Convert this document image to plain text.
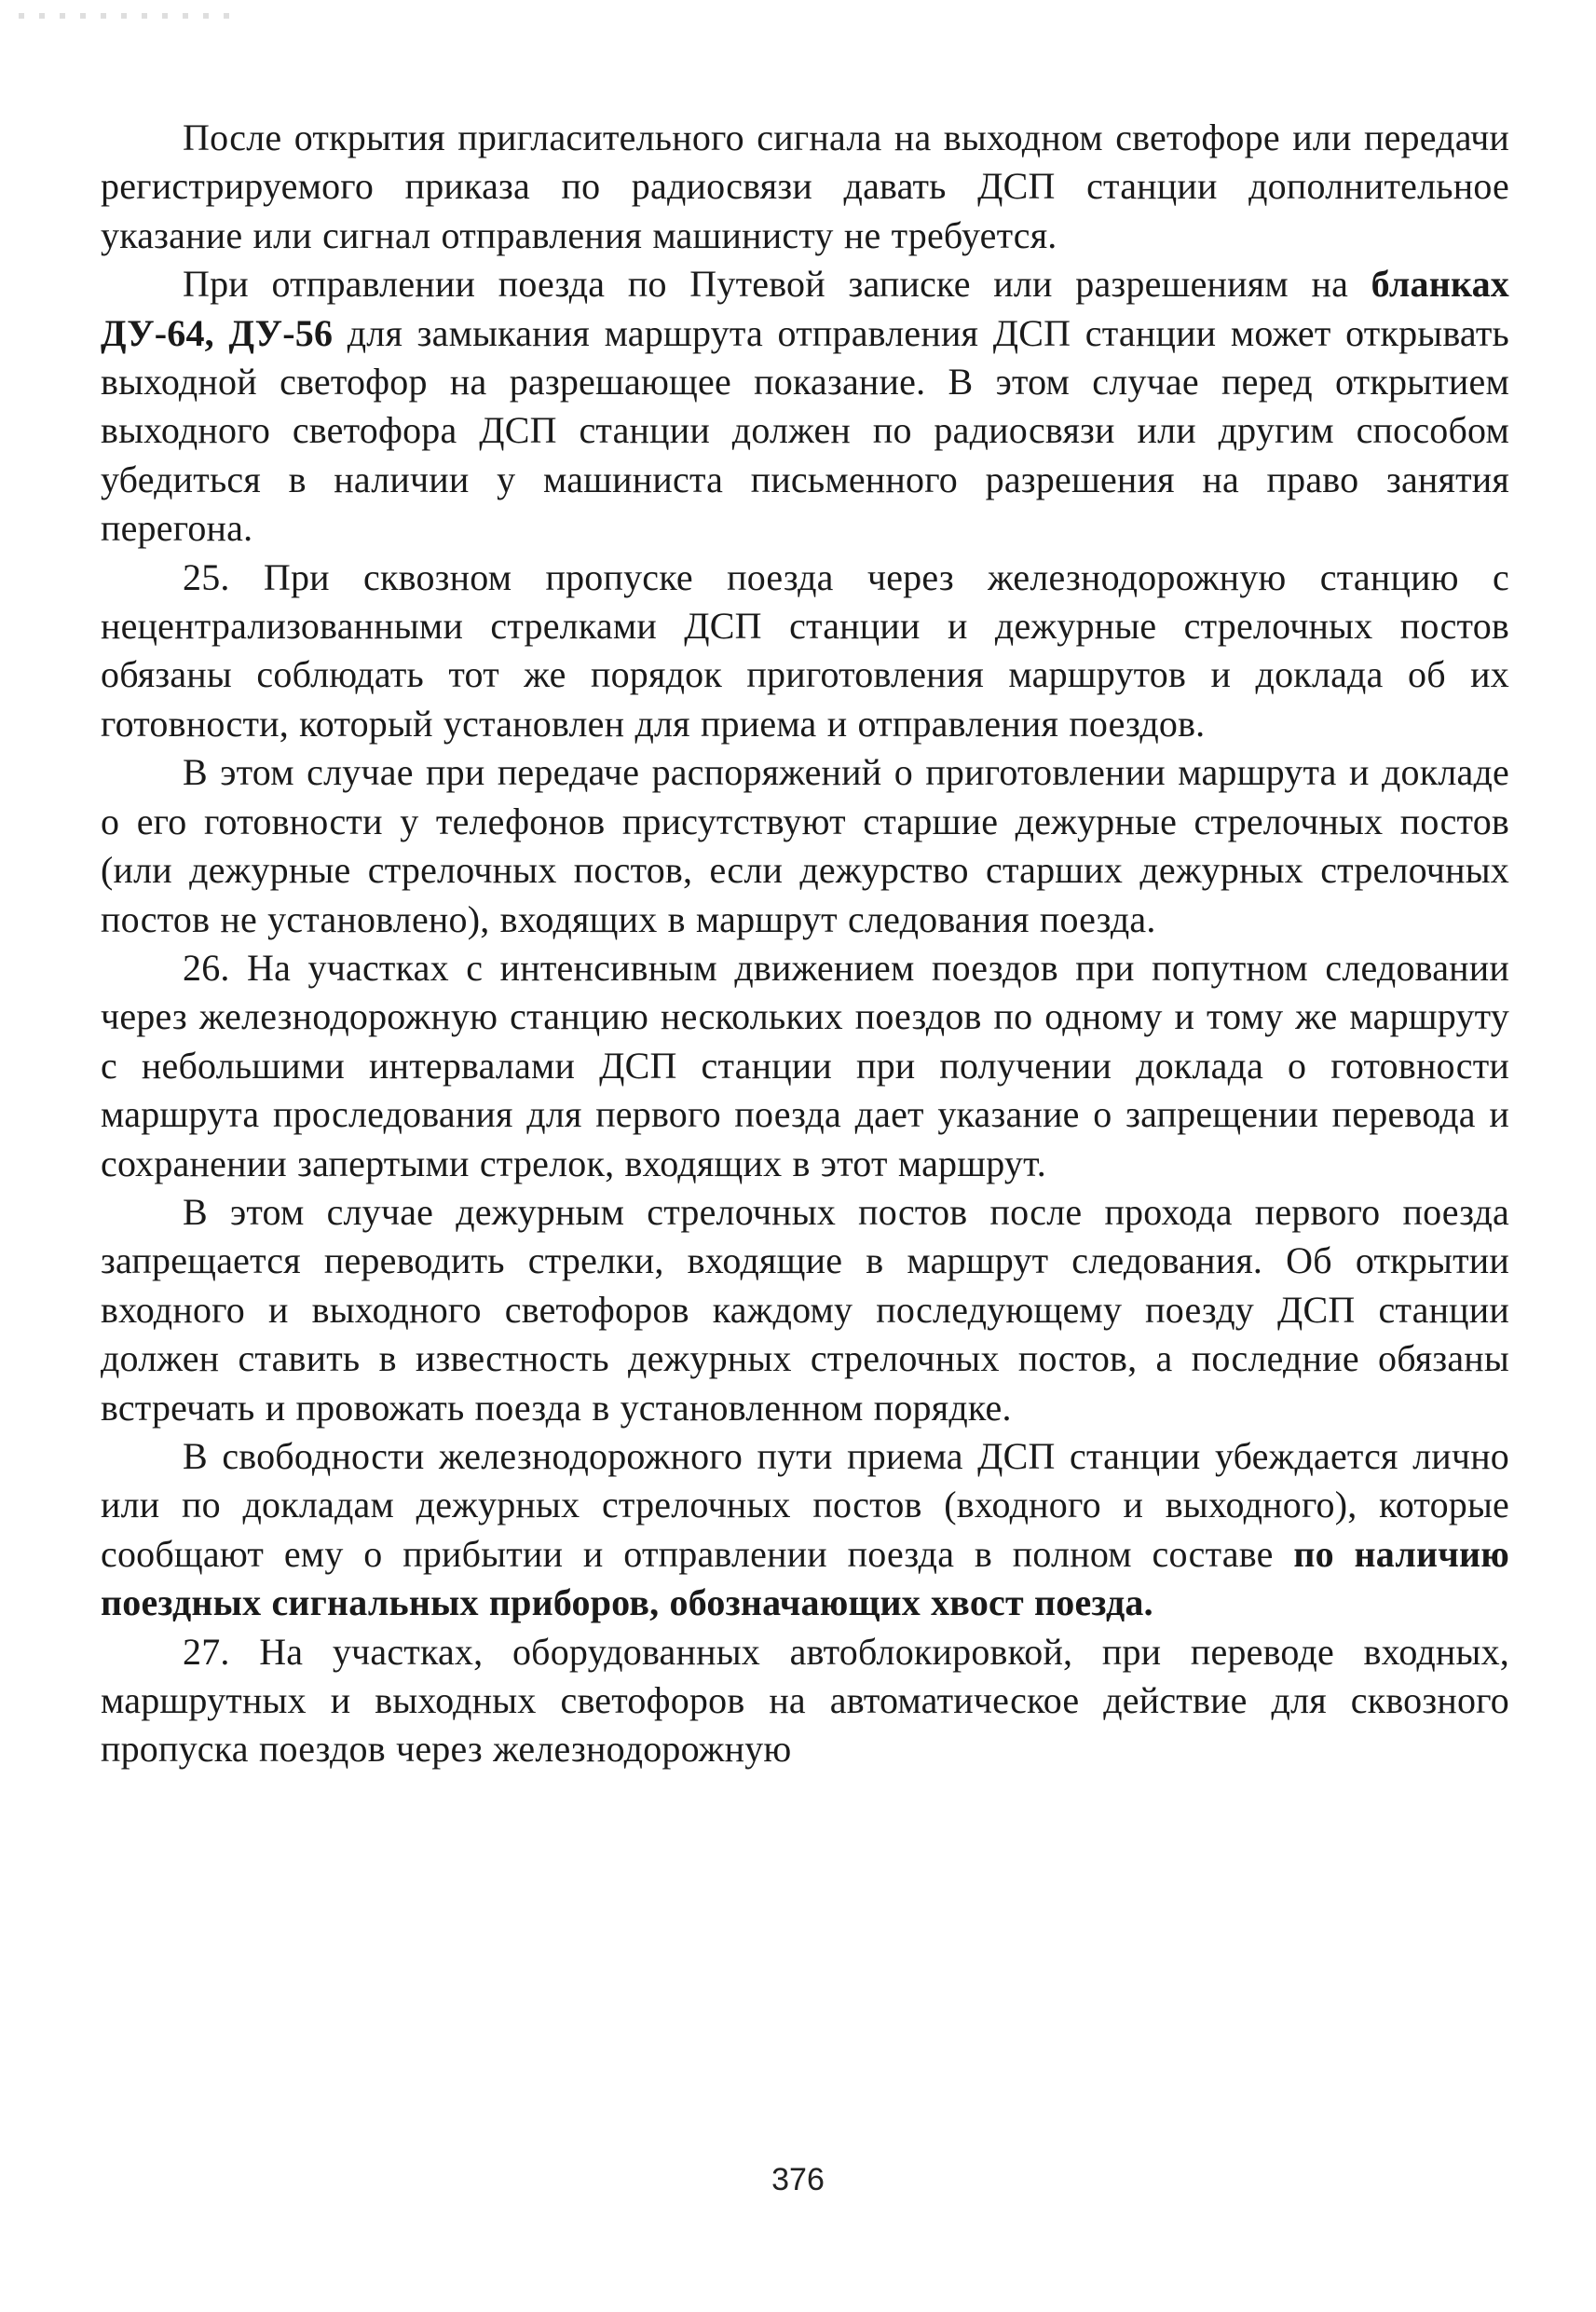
После открытия пригласительного сигнала на выходном светофоре или передачи регистрируемого приказа по радиосвязи давать ДСП станции дополнительное указание или сигнал отправления машинисту не требуется.

При отправлении поезда по Путевой записке или разрешениям на бланках ДУ-64, ДУ-56 для замыкания маршрута отправления ДСП станции может открывать выходной светофор на разрешающее показание. В этом случае перед открытием выходного светофора ДСП станции должен по радиосвязи или другим способом убедиться в наличии у машиниста письменного разрешения на право занятия перегона.

25. При сквозном пропуске поезда через железнодорожную станцию с нецентрализованными стрелками ДСП станции и дежурные стрелочных постов обязаны соблюдать тот же порядок приготовления маршрутов и доклада об их готовности, который установлен для приема и отправления поездов.

В этом случае при передаче распоряжений о приготовлении маршрута и докладе о его готовности у телефонов присутствуют старшие дежурные стрелочных постов (или дежурные стрелочных постов, если дежурство старших дежурных стрелочных постов не установлено), входящих в маршрут следования поезда.

26. На участках с интенсивным движением поездов при попутном следовании через железнодорожную станцию нескольких поездов по одному и тому же маршруту с небольшими интервалами ДСП станции при получении доклада о готовности маршрута проследования для первого поезда дает указание о запрещении перевода и сохранении запертыми стрелок, входящих в этот маршрут.

В этом случае дежурным стрелочных постов после прохода первого поезда запрещается переводить стрелки, входящие в маршрут следования. Об открытии входного и выходного светофоров каждому последующему поезду ДСП станции должен ставить в известность дежурных стрелочных постов, а последние обязаны встречать и провожать поезда в установленном порядке.

В свободности железнодорожного пути приема ДСП станции убеждается лично или по докладам дежурных стрелочных постов (входного и выходного), которые сообщают ему о прибытии и отправлении поезда в полном составе по наличию поездных сигнальных приборов, обозначающих хвост поезда.

27. На участках, оборудованных автоблокировкой, при переводе входных, маршрутных и выходных светофоров на автоматическое действие для сквозного пропуска поездов через железнодорожную

376
